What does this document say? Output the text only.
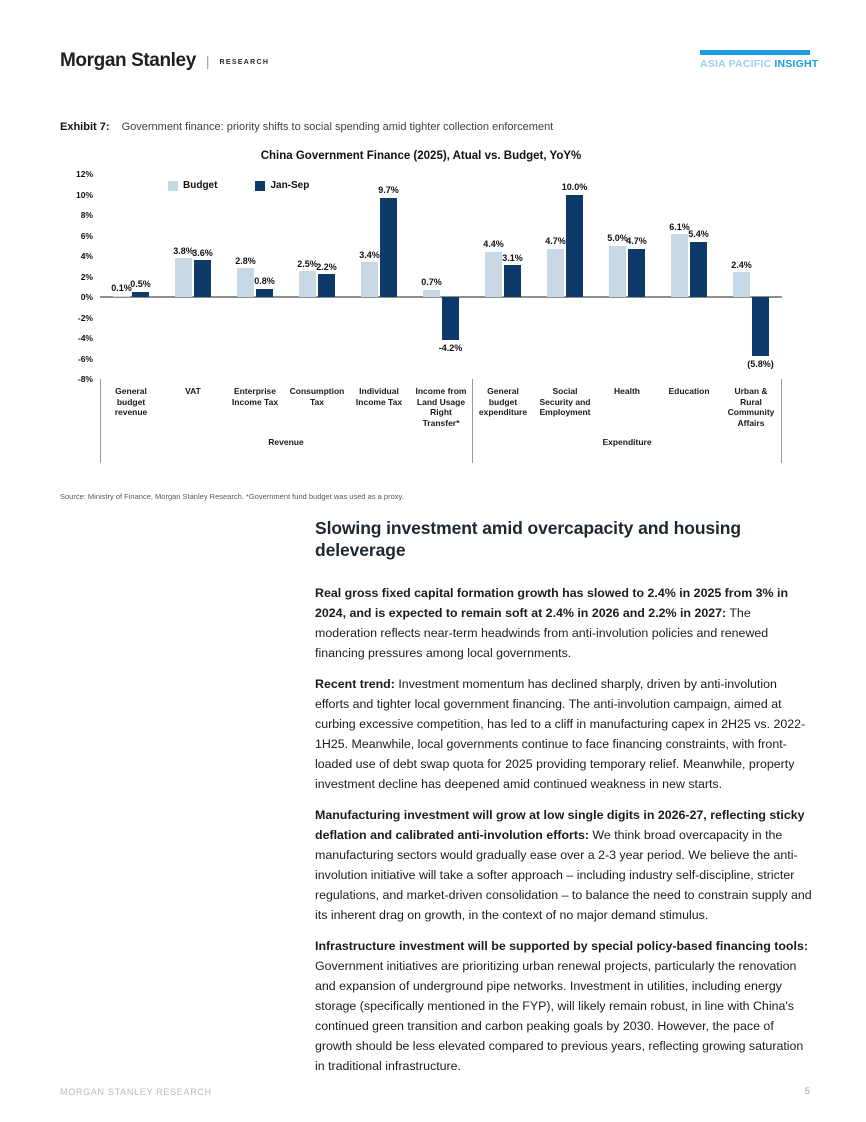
Morgan Stanley | RESEARCH	ASIA PACIFIC INSIGHT
Exhibit 7: Government finance: priority shifts to social spending amid tighter collection enforcement
China Government Finance (2025), Atual vs. Budget, YoY%
12%
10%
8%
6%
4%
2%
0%
-2%
-4%
-6%
-8%
Budget	Jan-Sep
0.1%
3.8%
2.8%	2.5%
3.4%
0.7%
4.4%	4.7%	5.0%
6.1%
2.4%
0.5%
3.6%
0.8%
2.2%
9.7%
-4.2%
3.1%
10.0%
4.7%
5.4%
(5.8%)
General budget revenue
VAT	Enterprise Income Tax
Consumption Tax
Individual Income Tax
Income from Land Usage Right Transfer*
General budget expenditure
Social Security and Employment
Health	Education	Urban & Rural Community Affairs
Revenue	Expenditure
Source: Ministry of Finance, Morgan Stanley Research. *Government fund budget was used as a proxy.
Slowing investment amid overcapacity and housing deleverage

Real gross fixed capital formation growth has slowed to 2.4% in 2025 from 3% in 2024, and is expected to remain soft at 2.4% in 2026 and 2.2% in 2027: The moderation reflects near-term headwinds from anti-involution policies and renewed financing pressures among local governments.

Recent trend: Investment momentum has declined sharply, driven by anti-involution efforts and tighter local government financing. The anti-involution campaign, aimed at curbing excessive competition, has led to a cliff in manufacturing capex in 2H25 vs. 2022-1H25. Meanwhile, local governments continue to face financing constraints, with front-loaded use of debt swap quota for 2025 providing temporary relief. Meanwhile, property investment decline has deepened amid continued weakness in new starts.

Manufacturing investment will grow at low single digits in 2026-27, reflecting sticky deflation and calibrated anti-involution efforts: We think broad overcapacity in the manufacturing sectors would gradually ease over a 2-3 year period. We believe the anti-involution initiative will take a softer approach – including industry self-discipline, stricter regulations, and market-driven consolidation – to balance the need to constrain supply and its inherent drag on growth, in the context of no major demand stimulus.

Infrastructure investment will be supported by special policy-based financing tools: Government initiatives are prioritizing urban renewal projects, particularly the renovation and expansion of underground pipe networks. Investment in utilities, including energy storage (specifically mentioned in the FYP), will likely remain robust, in line with China's continued green transition and carbon peaking goals by 2030. However, the pace of growth should be less elevated compared to previous years, reflecting growing saturation in traditional infrastructure.

MORGAN STANLEY RESEARCH	5
